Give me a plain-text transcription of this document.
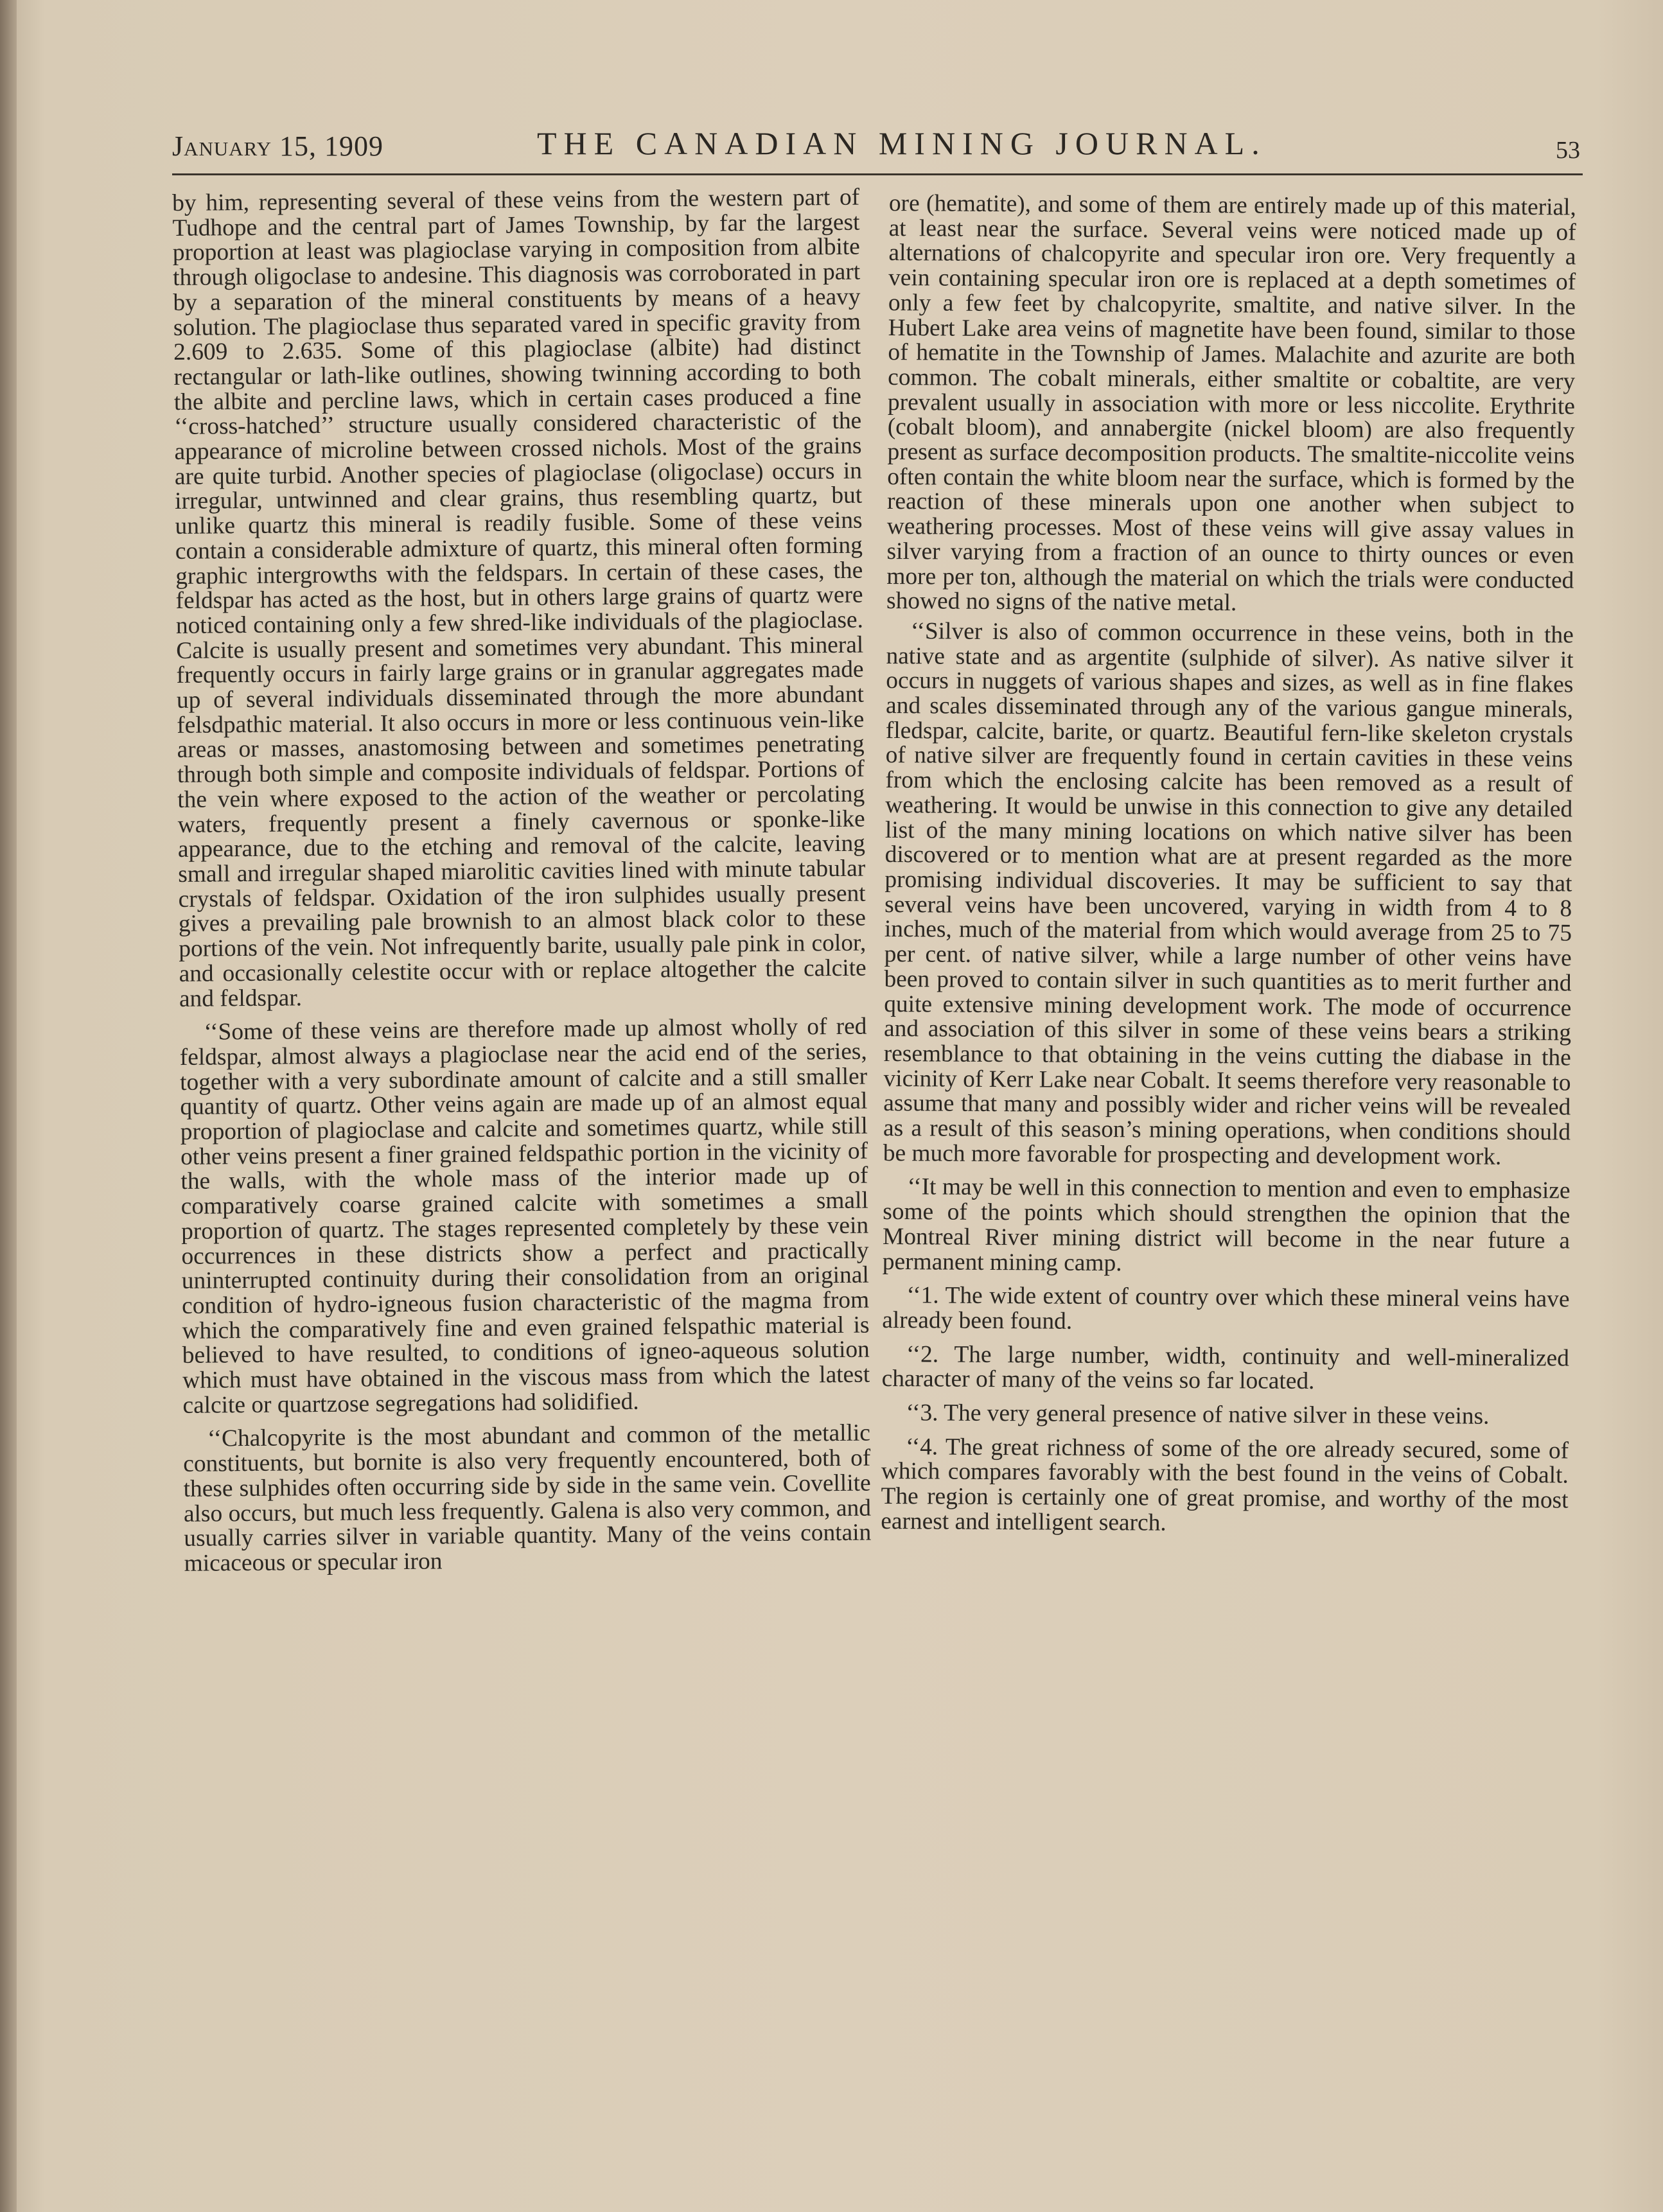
January 15, 1909	THE CANADIAN MINING JOURNAL.	53

by him, representing several of these veins from the western part of Tudhope and the central part of James Township, by far the largest proportion at least was plagioclase varying in composition from albite through oligoclase to andesine. This diagnosis was corroborated in part by a separation of the mineral constituents by means of a heavy solution. The plagioclase thus separated vared in specific gravity from 2.609 to 2.635. Some of this plagioclase (albite) had distinct rectangular or lath-like outlines, showing twinning according to both the albite and percline laws, which in certain cases produced a fine ‘‘cross-hatched’’ structure usually considered characteristic of the appearance of microline between crossed nichols. Most of the grains are quite turbid. Another species of plagioclase (oligoclase) occurs in irregular, untwinned and clear grains, thus resembling quartz, but unlike quartz this mineral is readily fusible. Some of these veins contain a considerable admixture of quartz, this mineral often forming graphic intergrowths with the feldspars. In certain of these cases, the feldspar has acted as the host, but in others large grains of quartz were noticed containing only a few shred-like individuals of the plagioclase. Calcite is usually present and sometimes very abundant. This mineral frequently occurs in fairly large grains or in granular aggregates made up of several individuals disseminated through the more abundant felsdpathic material. It also occurs in more or less continuous vein-like areas or masses, anastomosing between and sometimes penetrating through both simple and composite individuals of feldspar. Portions of the vein where exposed to the action of the weather or percolating waters, frequently present a finely cavernous or sponke-like appearance, due to the etching and removal of the calcite, leaving small and irregular shaped miarolitic cavities lined with minute tabular crystals of feldspar. Oxidation of the iron sulphides usually present gives a prevailing pale brownish to an almost black color to these portions of the vein. Not infrequently barite, usually pale pink in color, and occasionally celestite occur with or replace altogether the calcite and feldspar.

‘‘Some of these veins are therefore made up almost wholly of red feldspar, almost always a plagioclase near the acid end of the series, together with a very subordinate amount of calcite and a still smaller quantity of quartz. Other veins again are made up of an almost equal proportion of plagioclase and calcite and sometimes quartz, while still other veins present a finer grained feldspathic portion in the vicinity of the walls, with the whole mass of the interior made up of comparatively coarse grained calcite with sometimes a small proportion of quartz. The stages represented completely by these vein occurrences in these districts show a perfect and practically uninterrupted continuity during their consolidation from an original condition of hydro-igneous fusion characteristic of the magma from which the comparatively fine and even grained felspathic material is believed to have resulted, to conditions of igneo-aqueous solution which must have obtained in the viscous mass from which the latest calcite or quartzose segregations had solidified.

‘‘Chalcopyrite is the most abundant and common of the metallic constituents, but bornite is also very frequently encountered, both of these sulphides often occurring side by side in the same vein. Covellite also occurs, but much less frequently. Galena is also very common, and usually carries silver in variable quantity. Many of the veins contain micaceous or specular iron

ore (hematite), and some of them are entirely made up of this material, at least near the surface. Several veins were noticed made up of alternations of chalcopyrite and specular iron ore. Very frequently a vein containing specular iron ore is replaced at a depth sometimes of only a few feet by chalcopyrite, smaltite, and native silver. In the Hubert Lake area veins of magnetite have been found, similar to those of hematite in the Township of James. Malachite and azurite are both common. The cobalt minerals, either smaltite or cobaltite, are very prevalent usually in association with more or less niccolite. Erythrite (cobalt bloom), and annabergite (nickel bloom) are also frequently present as surface decomposition products. The smaltite-niccolite veins often contain the white bloom near the surface, which is formed by the reaction of these minerals upon one another when subject to weathering processes. Most of these veins will give assay values in silver varying from a fraction of an ounce to thirty ounces or even more per ton, although the material on which the trials were conducted showed no signs of the native metal.

‘‘Silver is also of common occurrence in these veins, both in the native state and as argentite (sulphide of silver). As native silver it occurs in nuggets of various shapes and sizes, as well as in fine flakes and scales disseminated through any of the various gangue minerals, fledspar, calcite, barite, or quartz. Beautiful fern-like skeleton crystals of native silver are frequently found in certain cavities in these veins from which the enclosing calcite has been removed as a result of weathering. It would be unwise in this connection to give any detailed list of the many mining locations on which native silver has been discovered or to mention what are at present regarded as the more promising individual discoveries. It may be sufficient to say that several veins have been uncovered, varying in width from 4 to 8 inches, much of the material from which would average from 25 to 75 per cent. of native silver, while a large number of other veins have been proved to contain silver in such quantities as to merit further and quite extensive mining development work. The mode of occurrence and association of this silver in some of these veins bears a striking resemblance to that obtaining in the veins cutting the diabase in the vicinity of Kerr Lake near Cobalt. It seems therefore very reasonable to assume that many and possibly wider and richer veins will be revealed as a result of this season’s mining operations, when conditions should be much more favorable for prospecting and development work.

‘‘It may be well in this connection to mention and even to emphasize some of the points which should strengthen the opinion that the Montreal River mining district will become in the near future a permanent mining camp.

‘‘1. The wide extent of country over which these mineral veins have already been found.

‘‘2. The large number, width, continuity and well-mineralized character of many of the veins so far located.

‘‘3. The very general presence of native silver in these veins.

‘‘4. The great richness of some of the ore already secured, some of which compares favorably with the best found in the veins of Cobalt. The region is certainly one of great promise, and worthy of the most earnest and intelligent search.
